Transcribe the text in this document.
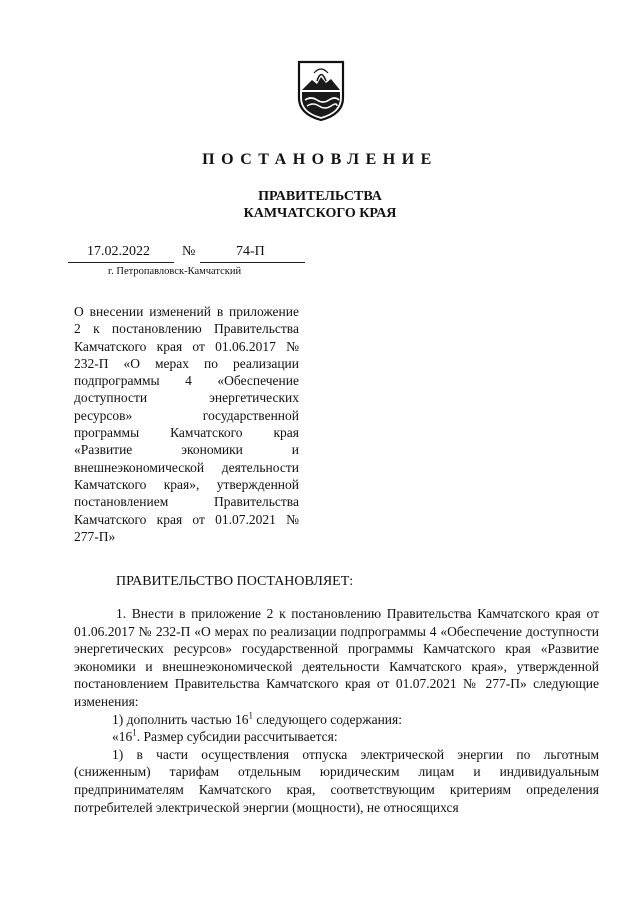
ПОСТАНОВЛЕНИЕ
ПРАВИТЕЛЬСТВА
КАМЧАТСКОГО КРАЯ
17.02.2022 №	74-П
г. Петропавловск-Камчатский
О внесении изменений в приложение 2 к постановлению Правительства Камчатского края от 01.06.2017 № 232-П «О мерах по реализации подпрограммы 4 «Обеспечение доступности энергетических ресурсов» государственной программы Камчатского края «Развитие экономики и внешнеэкономической деятельности Камчатского края», утвержденной постановлением Правительства Камчатского края от 01.07.2021 № 277-П»
ПРАВИТЕЛЬСТВО ПОСТАНОВЛЯЕТ:

1. Внести в приложение 2 к постановлению Правительства Камчатского края от 01.06.2017 № 232-П «О мерах по реализации подпрограммы 4 «Обеспечение доступности энергетических ресурсов» государственной программы Камчатского края «Развитие экономики и внешнеэкономической деятельности Камчатского края», утвержденной постановлением Правительства Камчатского края от 01.07.2021 № 277-П» следующие изменения:

1) дополнить частью $16^1$ следующего содержания:

«$16^1$. Размер субсидии рассчитывается:

1) в части осуществления отпуска электрической энергии по льготным (сниженным) тарифам отдельным юридическим лицам и индивидуальным предпринимателям Камчатского края, соответствующим критериям определения потребителей электрической энергии (мощности), не относящихся
